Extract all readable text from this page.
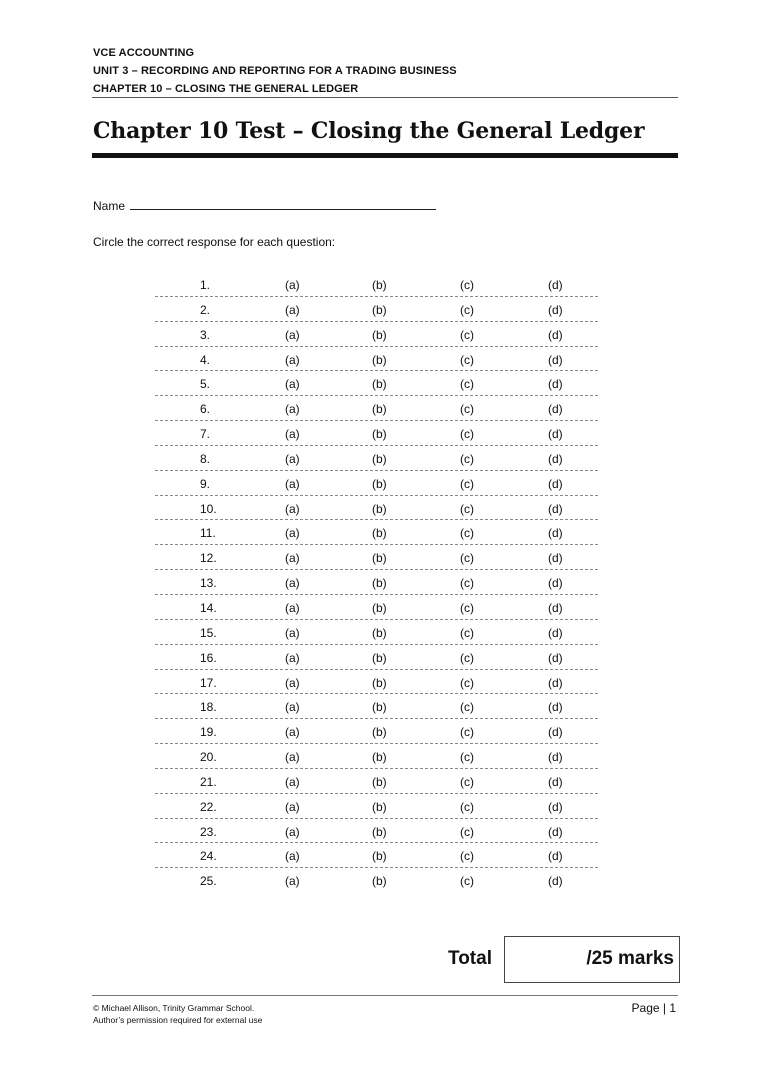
VCE ACCOUNTING
UNIT 3 – RECORDING AND REPORTING FOR A TRADING BUSINESS
CHAPTER 10 – CLOSING THE GENERAL LEDGER
Chapter 10 Test – Closing the General Ledger
Name
Circle the correct response for each question:
1.	(a)	(b)	(c)	(d)
2.	(a)	(b)	(c)	(d)
3.	(a)	(b)	(c)	(d)
4.	(a)	(b)	(c)	(d)
5.	(a)	(b)	(c)	(d)
6.	(a)	(b)	(c)	(d)
7.	(a)	(b)	(c)	(d)
8.	(a)	(b)	(c)	(d)
9.	(a)	(b)	(c)	(d)
10.	(a)	(b)	(c)	(d)
11.	(a)	(b)	(c)	(d)
12.	(a)	(b)	(c)	(d)
13.	(a)	(b)	(c)	(d)
14.	(a)	(b)	(c)	(d)
15.	(a)	(b)	(c)	(d)
16.	(a)	(b)	(c)	(d)
17.	(a)	(b)	(c)	(d)
18.	(a)	(b)	(c)	(d)
19.	(a)	(b)	(c)	(d)
20.	(a)	(b)	(c)	(d)
21.	(a)	(b)	(c)	(d)
22.	(a)	(b)	(c)	(d)
23.	(a)	(b)	(c)	(d)
24.	(a)	(b)	(c)	(d)
25.	(a)	(b)	(c)	(d)
Total	/25 marks
© Michael Allison, Trinity Grammar School.
Author’s permission required for external use
Page | 1
